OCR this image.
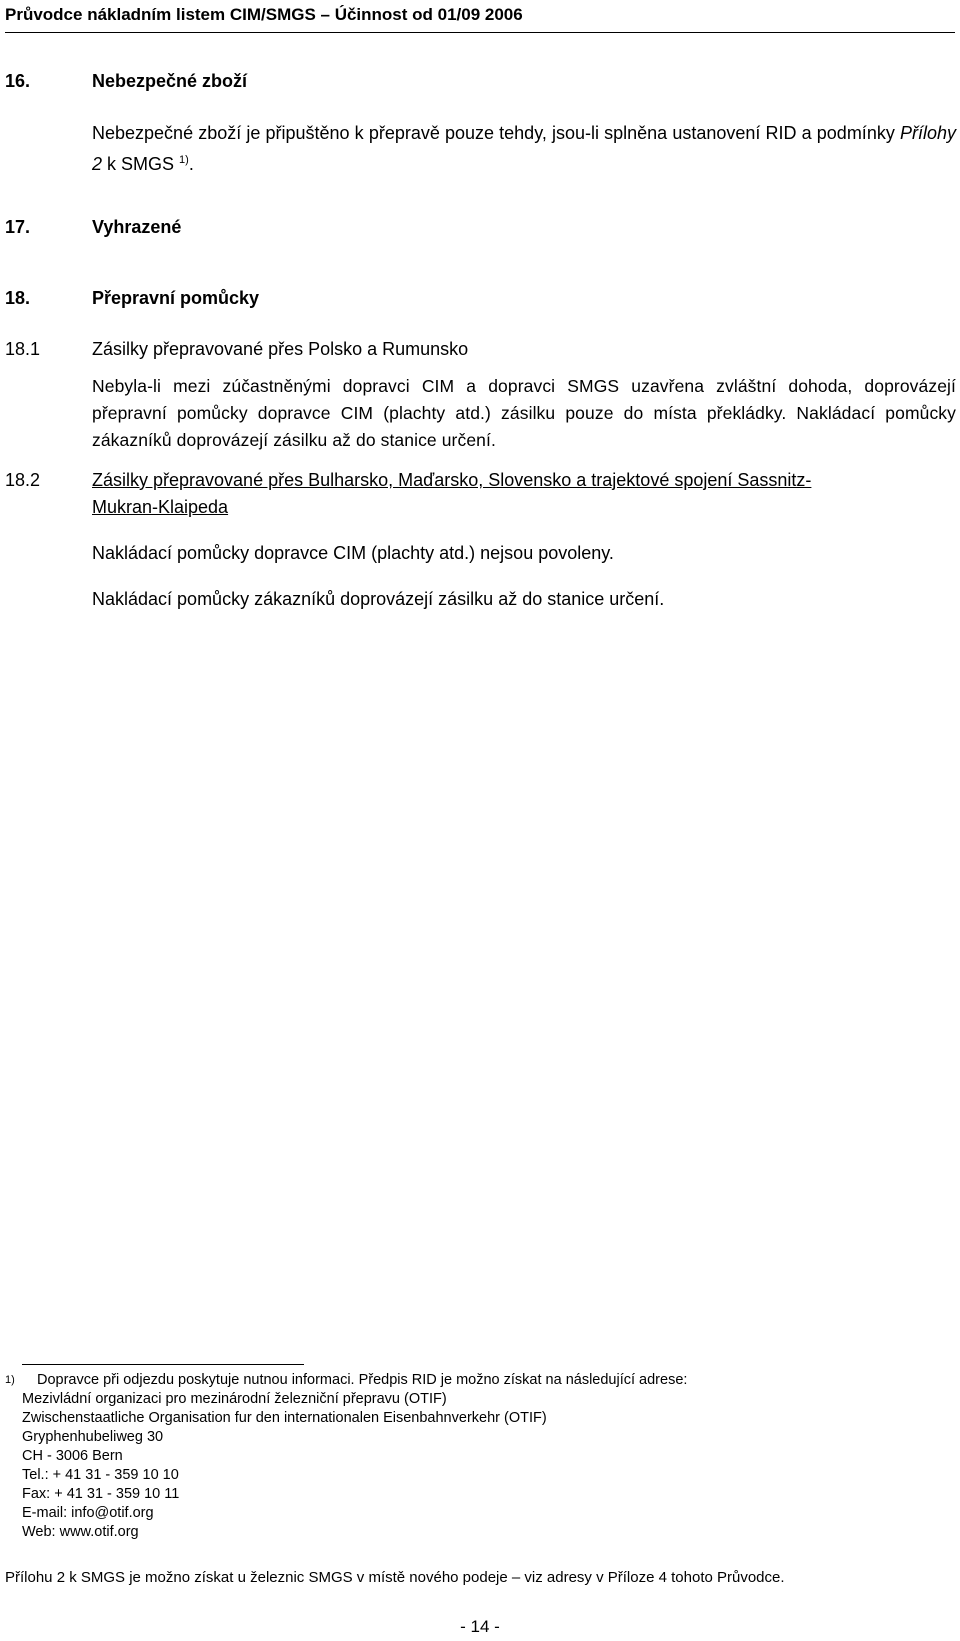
Průvodce nákladním listem CIM/SMGS – Účinnost od 01/09 2006
16.	Nebezpečné zboží
Nebezpečné zboží je připuštěno k přepravě pouze tehdy, jsou-li splněna ustanovení RID a podmínky Přílohy 2 k SMGS $^{1)}$.
17.	Vyhrazené
18.	Přepravní pomůcky
18.1	Zásilky přepravované přes Polsko a Rumunsko
Nebyla-li mezi zúčastněnými dopravci CIM a dopravci SMGS uzavřena zvláštní dohoda, doprovázejí přepravní pomůcky dopravce CIM (plachty atd.) zásilku pouze do místa překládky. Nakládací pomůcky zákazníků doprovázejí zásilku až do stanice určení.
18.2	Zásilky přepravované přes Bulharsko, Maďarsko, Slovensko a trajektové spojení Sassnitz-
Mukran-Klaipeda
Nakládací pomůcky dopravce CIM (plachty atd.) nejsou povoleny.
Nakládací pomůcky zákazníků doprovázejí zásilku až do stanice určení.
1) Dopravce při odjezdu poskytuje nutnou informaci. Předpis RID je možno získat na následující adrese:
Mezivládní organizaci pro mezinárodní železniční přepravu (OTIF)
Zwischenstaatliche Organisation fur den internationalen Eisenbahnverkehr (OTIF)
Gryphenhubeliweg 30
CH - 3006 Bern
Tel.: + 41 31 - 359 10 10
Fax: + 41 31 - 359 10 11
E-mail: info@otif.org
Web: www.otif.org
Přílohu 2 k SMGS je možno získat u železnic SMGS v místě nového podeje – viz adresy v Příloze 4 tohoto Průvodce.
- 14 -
